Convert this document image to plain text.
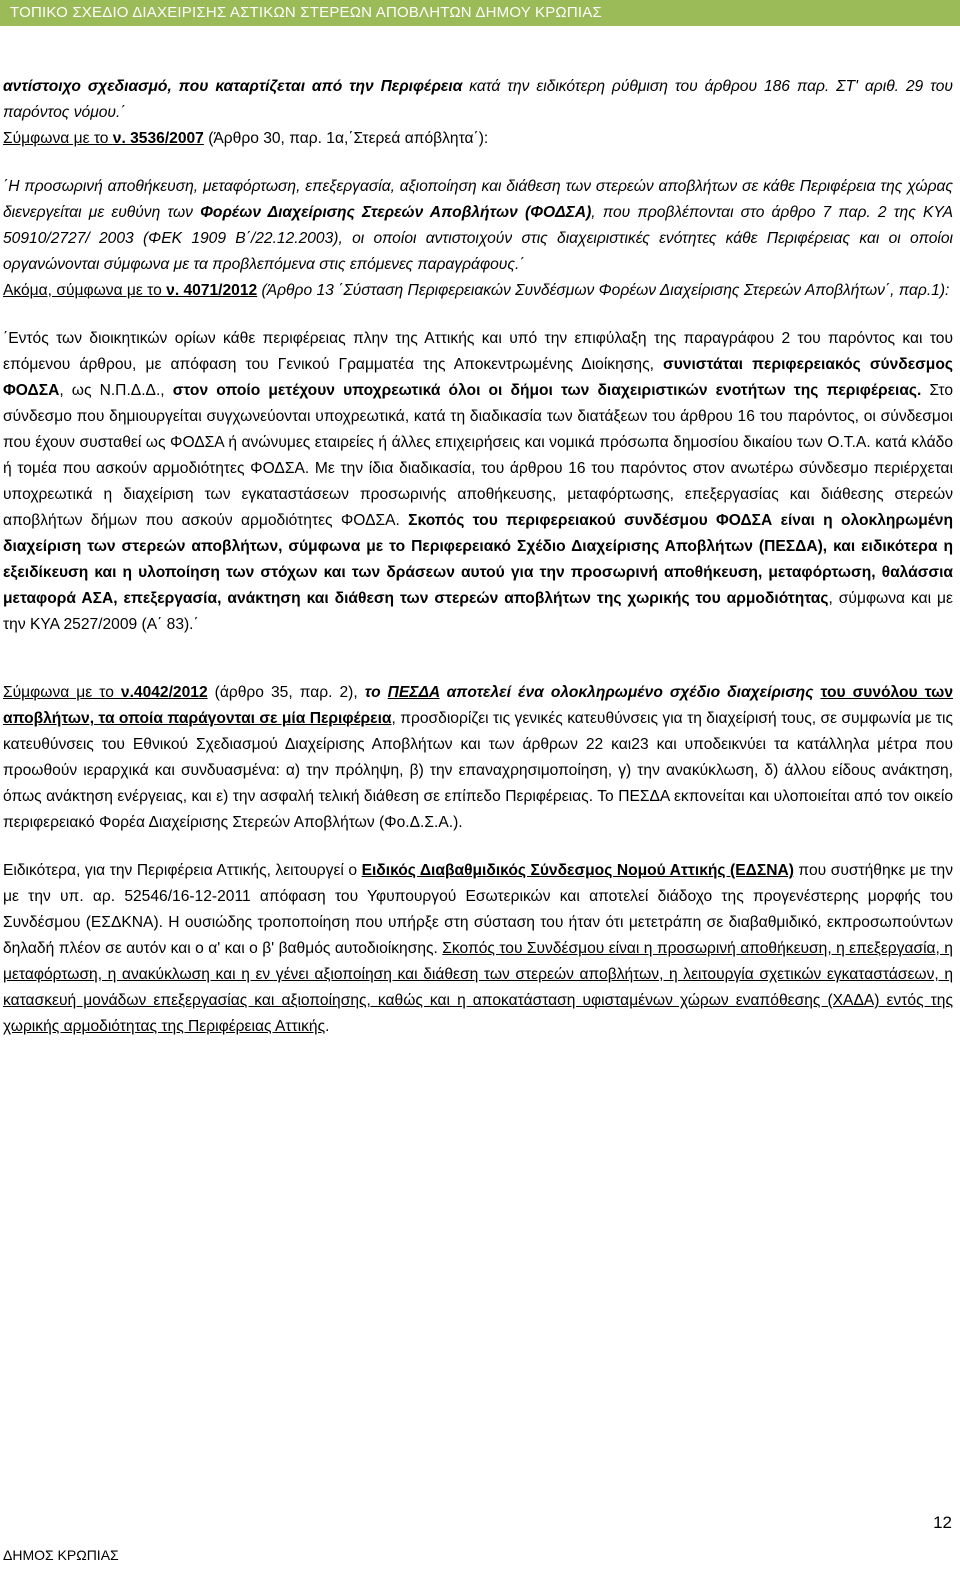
ΤΟΠΙΚΟ ΣΧΕΔΙΟ ΔΙΑΧΕΙΡΙΣΗΣ ΑΣΤΙΚΩΝ ΣΤΕΡΕΩΝ ΑΠΟΒΛΗΤΩΝ ΔΗΜΟΥ ΚΡΩΠΙΑΣ

αντίστοιχο σχεδιασμό, που καταρτίζεται από την Περιφέρεια κατά την ειδικότερη ρύθμιση του άρθρου 186 παρ. ΣΤ' αριθ. 29 του παρόντος νόμου.΄

Σύμφωνα με το ν. 3536/2007 (Άρθρο 30, παρ. 1α,΄Στερεά απόβλητα΄):

΄Η προσωρινή αποθήκευση, μεταφόρτωση, επεξεργασία, αξιοποίηση και διάθεση των στερεών αποβλήτων σε κάθε Περιφέρεια της χώρας διενεργείται με ευθύνη των Φορέων Διαχείρισης Στερεών Αποβλήτων (ΦΟΔΣΑ), που προβλέπονται στο άρθρο 7 παρ. 2 της ΚΥΑ 50910/2727/ 2003 (ΦΕΚ 1909 Β΄/22.12.2003), οι οποίοι αντιστοιχούν στις διαχειριστικές ενότητες κάθε Περιφέρειας και οι οποίοι οργανώνονται σύμφωνα με τα προβλεπόμενα στις επόμενες παραγράφους.΄

Ακόμα, σύμφωνα με το ν. 4071/2012 (Άρθρο 13 ΄Σύσταση Περιφερειακών Συνδέσμων Φορέων Διαχείρισης Στερεών Αποβλήτων΄, παρ.1):

΄Εντός των διοικητικών ορίων κάθε περιφέρειας πλην της Αττικής και υπό την επιφύλαξη της παραγράφου 2 του παρόντος και του επόμενου άρθρου, με απόφαση του Γενικού Γραμματέα της Αποκεντρωμένης Διοίκησης, συνιστάται περιφερειακός σύνδεσμος ΦΟΔΣΑ, ως Ν.Π.Δ.Δ., στον οποίο μετέχουν υποχρεωτικά όλοι οι δήμοι των διαχειριστικών ενοτήτων της περιφέρειας. Στο σύνδεσμο που δημιουργείται συγχωνεύονται υποχρεωτικά, κατά τη διαδικασία των διατάξεων του άρθρου 16 του παρόντος, οι σύνδεσμοι που έχουν συσταθεί ως ΦΟΔΣΑ ή ανώνυμες εταιρείες ή άλλες επιχειρήσεις και νομικά πρόσωπα δημοσίου δικαίου των Ο.Τ.Α. κατά κλάδο ή τομέα που ασκούν αρμοδιότητες ΦΟΔΣΑ. Με την ίδια διαδικασία, του άρθρου 16 του παρόντος στον ανωτέρω σύνδεσμο περιέρχεται υποχρεωτικά η διαχείριση των εγκαταστάσεων προσωρινής αποθήκευσης, μεταφόρτωσης, επεξεργασίας και διάθεσης στερεών αποβλήτων δήμων που ασκούν αρμοδιότητες ΦΟΔΣΑ. Σκοπός του περιφερειακού συνδέσμου ΦΟΔΣΑ είναι η ολοκληρωμένη διαχείριση των στερεών αποβλήτων, σύμφωνα με το Περιφερειακό Σχέδιο Διαχείρισης Αποβλήτων (ΠΕΣΔΑ), και ειδικότερα η εξειδίκευση και η υλοποίηση των στόχων και των δράσεων αυτού για την προσωρινή αποθήκευση, μεταφόρτωση, θαλάσσια μεταφορά ΑΣΑ, επεξεργασία, ανάκτηση και διάθεση των στερεών αποβλήτων της χωρικής του αρμοδιότητας, σύμφωνα και με την ΚΥΑ 2527/2009 (Α΄ 83).΄

Σύμφωνα με το ν.4042/2012 (άρθρο 35, παρ. 2), το ΠΕΣΔΑ αποτελεί ένα ολοκληρωμένο σχέδιο διαχείρισης του συνόλου των αποβλήτων, τα οποία παράγονται σε μία Περιφέρεια, προσδιορίζει τις γενικές κατευθύνσεις για τη διαχείρισή τους, σε συμφωνία με τις κατευθύνσεις του Εθνικού Σχεδιασμού Διαχείρισης Αποβλήτων και των άρθρων 22 και23 και υποδεικνύει τα κατάλληλα μέτρα που προωθούν ιεραρχικά και συνδυασμένα: α) την πρόληψη, β) την επαναχρησιμοποίηση, γ) την ανακύκλωση, δ) άλλου είδους ανάκτηση, όπως ανάκτηση ενέργειας, και ε) την ασφαλή τελική διάθεση σε επίπεδο Περιφέρειας. Το ΠΕΣΔΑ εκπονείται και υλοποιείται από τον οικείο περιφερειακό Φορέα Διαχείρισης Στερεών Αποβλήτων (Φο.Δ.Σ.Α.).

Ειδικότερα, για την Περιφέρεια Αττικής, λειτουργεί ο Ειδικός Διαβαθμιδικός Σύνδεσμος Νομού Αττικής (ΕΔΣΝΑ) που συστήθηκε με την με την υπ. αρ. 52546/16-12-2011 απόφαση του Υφυπουργού Εσωτερικών και αποτελεί διάδοχο της προγενέστερης μορφής του Συνδέσμου (ΕΣΔΚΝΑ). Η ουσιώδης τροποποίηση που υπήρξε στη σύσταση του ήταν ότι μετετράπη σε διαβαθμιδικό, εκπροσωπούντων δηλαδή πλέον σε αυτόν και ο α' και ο β' βαθμός αυτοδιοίκησης. Σκοπός του Συνδέσμου είναι η προσωρινή αποθήκευση, η επεξεργασία, η μεταφόρτωση, η ανακύκλωση και η εν γένει αξιοποίηση και διάθεση των στερεών αποβλήτων, η λειτουργία σχετικών εγκαταστάσεων, η κατασκευή μονάδων επεξεργασίας και αξιοποίησης, καθώς και η αποκατάσταση υφισταμένων χώρων εναπόθεσης (ΧΑΔΑ) εντός της χωρικής αρμοδιότητας της Περιφέρειας Αττικής.

12
ΔΗΜΟΣ ΚΡΩΠΙΑΣ
